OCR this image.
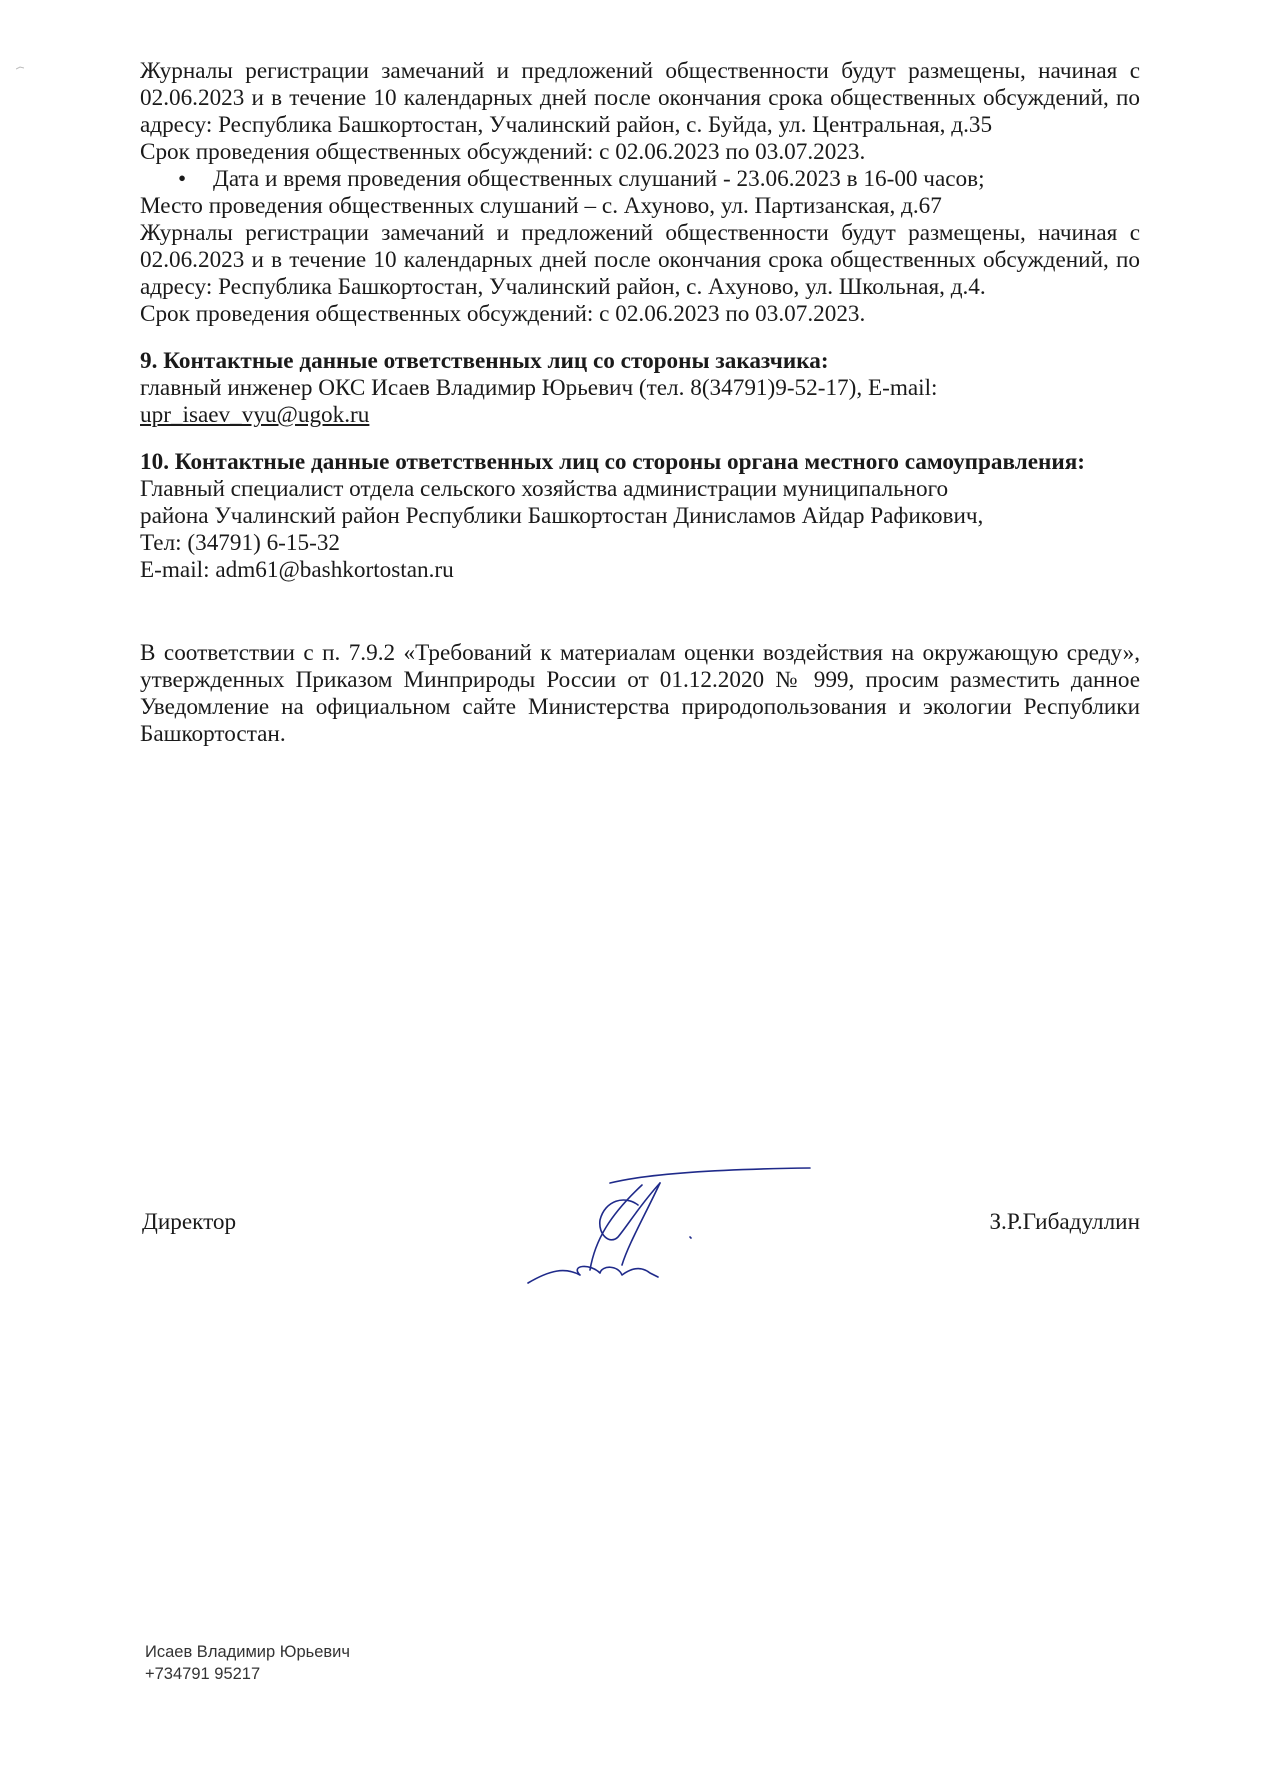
Журналы регистрации замечаний и предложений общественности будут размещены, начиная с 02.06.2023 и в течение 10 календарных дней после окончания срока общественных обсуждений, по адресу: Республика Башкортостан, Учалинский район, с. Буйда, ул. Центральная, д.35

Срок проведения общественных обсуждений: с 02.06.2023 по 03.07.2023.

• Дата и время проведения общественных слушаний - 23.06.2023 в 16-00 часов;

Место проведения общественных слушаний – с. Ахуново, ул. Партизанская, д.67

Журналы регистрации замечаний и предложений общественности будут размещены, начиная с 02.06.2023 и в течение 10 календарных дней после окончания срока общественных обсуждений, по адресу: Республика Башкортостан, Учалинский район, с. Ахуново, ул. Школьная, д.4.

Срок проведения общественных обсуждений: с 02.06.2023 по 03.07.2023.

9. Контактные данные ответственных лиц со стороны заказчика:

главный инженер ОКС Исаев Владимир Юрьевич (тел. 8(34791)9-52-17), E-mail:

upr_isaev_vyu@ugok.ru

10. Контактные данные ответственных лиц со стороны органа местного самоуправления:

Главный специалист отдела сельского хозяйства администрации муниципального

района Учалинский район Республики Башкортостан Динисламов Айдар Рафикович,

Тел: (34791) 6-15-32

E-mail: adm61@bashkortostan.ru

В соответствии с п. 7.9.2 «Требований к материалам оценки воздействия на окружающую среду», утвержденных Приказом Минприроды России от 01.12.2020 № 999, просим разместить данное Уведомление на официальном сайте Министерства природопользования и экологии Республики Башкортостан.

Директор	З.Р.Гибадуллин
Исаев Владимир Юрьевич
+734791 95217
